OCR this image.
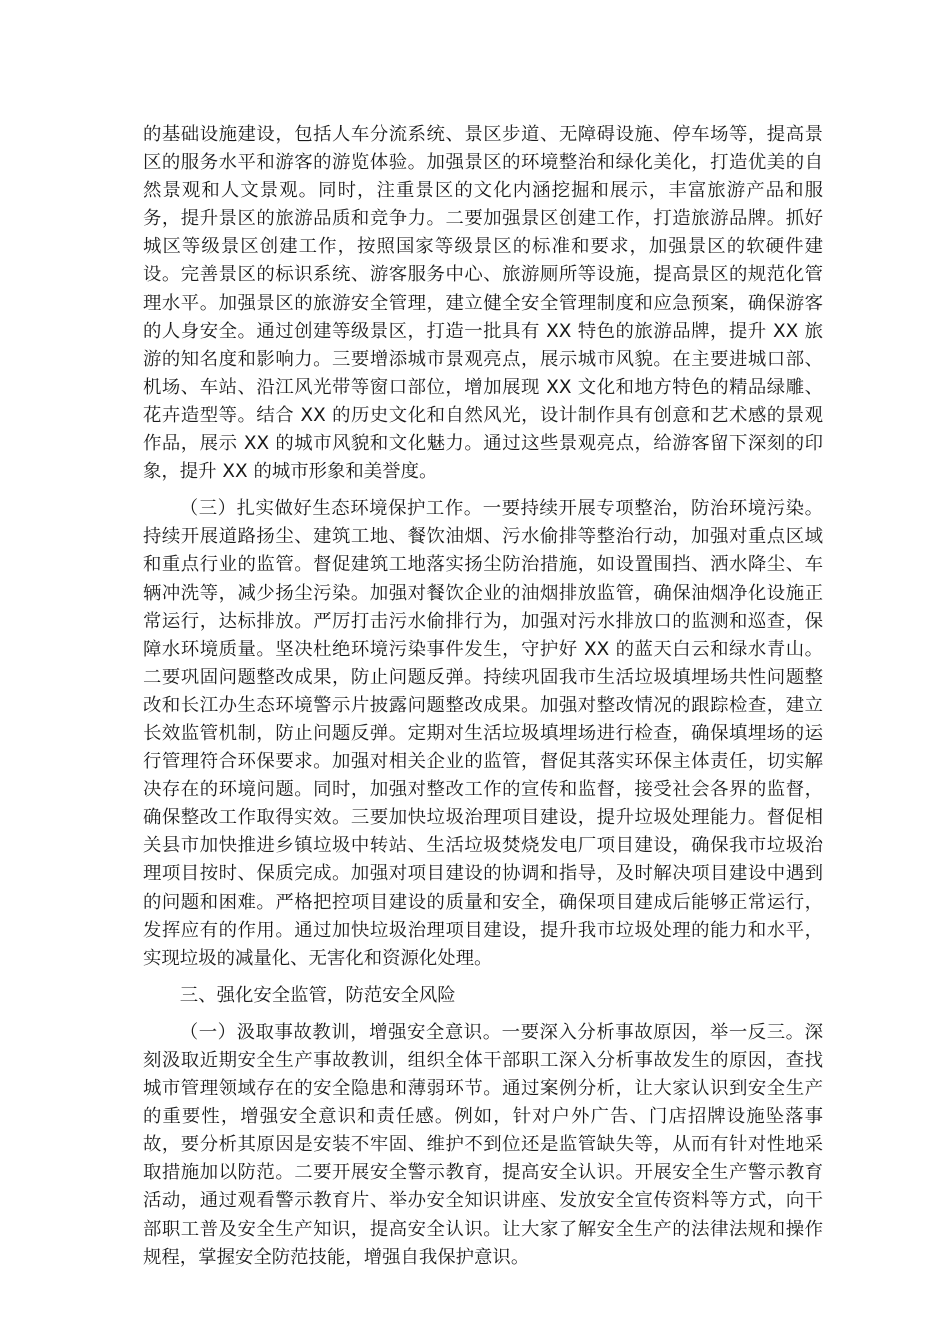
的基础设施建设，包括人车分流系统、景区步道、无障碍设施、停车场等，提高景区的服务水平和游客的游览体验。加强景区的环境整治和绿化美化，打造优美的自然景观和人文景观。同时，注重景区的文化内涵挖掘和展示，丰富旅游产品和服务，提升景区的旅游品质和竞争力。二要加强景区创建工作，打造旅游品牌。抓好城区等级景区创建工作，按照国家等级景区的标准和要求，加强景区的软硬件建设。完善景区的标识系统、游客服务中心、旅游厕所等设施，提高景区的规范化管理水平。加强景区的旅游安全管理，建立健全安全管理制度和应急预案，确保游客的人身安全。通过创建等级景区，打造一批具有 XX 特色的旅游品牌，提升 XX 旅游的知名度和影响力。三要增添城市景观亮点，展示城市风貌。在主要进城口部、机场、车站、沿江风光带等窗口部位，增加展现 XX 文化和地方特色的精品绿雕、花卉造型等。结合 XX 的历史文化和自然风光，设计制作具有创意和艺术感的景观作品，展示 XX 的城市风貌和文化魅力。通过这些景观亮点，给游客留下深刻的印象，提升 XX 的城市形象和美誉度。

（三）扎实做好生态环境保护工作。一要持续开展专项整治，防治环境污染。持续开展道路扬尘、建筑工地、餐饮油烟、污水偷排等整治行动，加强对重点区域和重点行业的监管。督促建筑工地落实扬尘防治措施，如设置围挡、洒水降尘、车辆冲洗等，减少扬尘污染。加强对餐饮企业的油烟排放监管，确保油烟净化设施正常运行，达标排放。严厉打击污水偷排行为，加强对污水排放口的监测和巡查，保障水环境质量。坚决杜绝环境污染事件发生，守护好 XX 的蓝天白云和绿水青山。二要巩固问题整改成果，防止问题反弹。持续巩固我市生活垃圾填埋场共性问题整改和长江办生态环境警示片披露问题整改成果。加强对整改情况的跟踪检查，建立长效监管机制，防止问题反弹。定期对生活垃圾填埋场进行检查，确保填埋场的运行管理符合环保要求。加强对相关企业的监管，督促其落实环保主体责任，切实解决存在的环境问题。同时，加强对整改工作的宣传和监督，接受社会各界的监督，确保整改工作取得实效。三要加快垃圾治理项目建设，提升垃圾处理能力。督促相关县市加快推进乡镇垃圾中转站、生活垃圾焚烧发电厂项目建设，确保我市垃圾治理项目按时、保质完成。加强对项目建设的协调和指导，及时解决项目建设中遇到的问题和困难。严格把控项目建设的质量和安全，确保项目建成后能够正常运行，发挥应有的作用。通过加快垃圾治理项目建设，提升我市垃圾处理的能力和水平，实现垃圾的减量化、无害化和资源化处理。

三、强化安全监管，防范安全风险

（一）汲取事故教训，增强安全意识。一要深入分析事故原因，举一反三。深刻汲取近期安全生产事故教训，组织全体干部职工深入分析事故发生的原因，查找城市管理领域存在的安全隐患和薄弱环节。通过案例分析，让大家认识到安全生产的重要性，增强安全意识和责任感。例如，针对户外广告、门店招牌设施坠落事故，要分析其原因是安装不牢固、维护不到位还是监管缺失等，从而有针对性地采取措施加以防范。二要开展安全警示教育，提高安全认识。开展安全生产警示教育活动，通过观看警示教育片、举办安全知识讲座、发放安全宣传资料等方式，向干部职工普及安全生产知识，提高安全认识。让大家了解安全生产的法律法规和操作规程，掌握安全防范技能，增强自我保护意识。
